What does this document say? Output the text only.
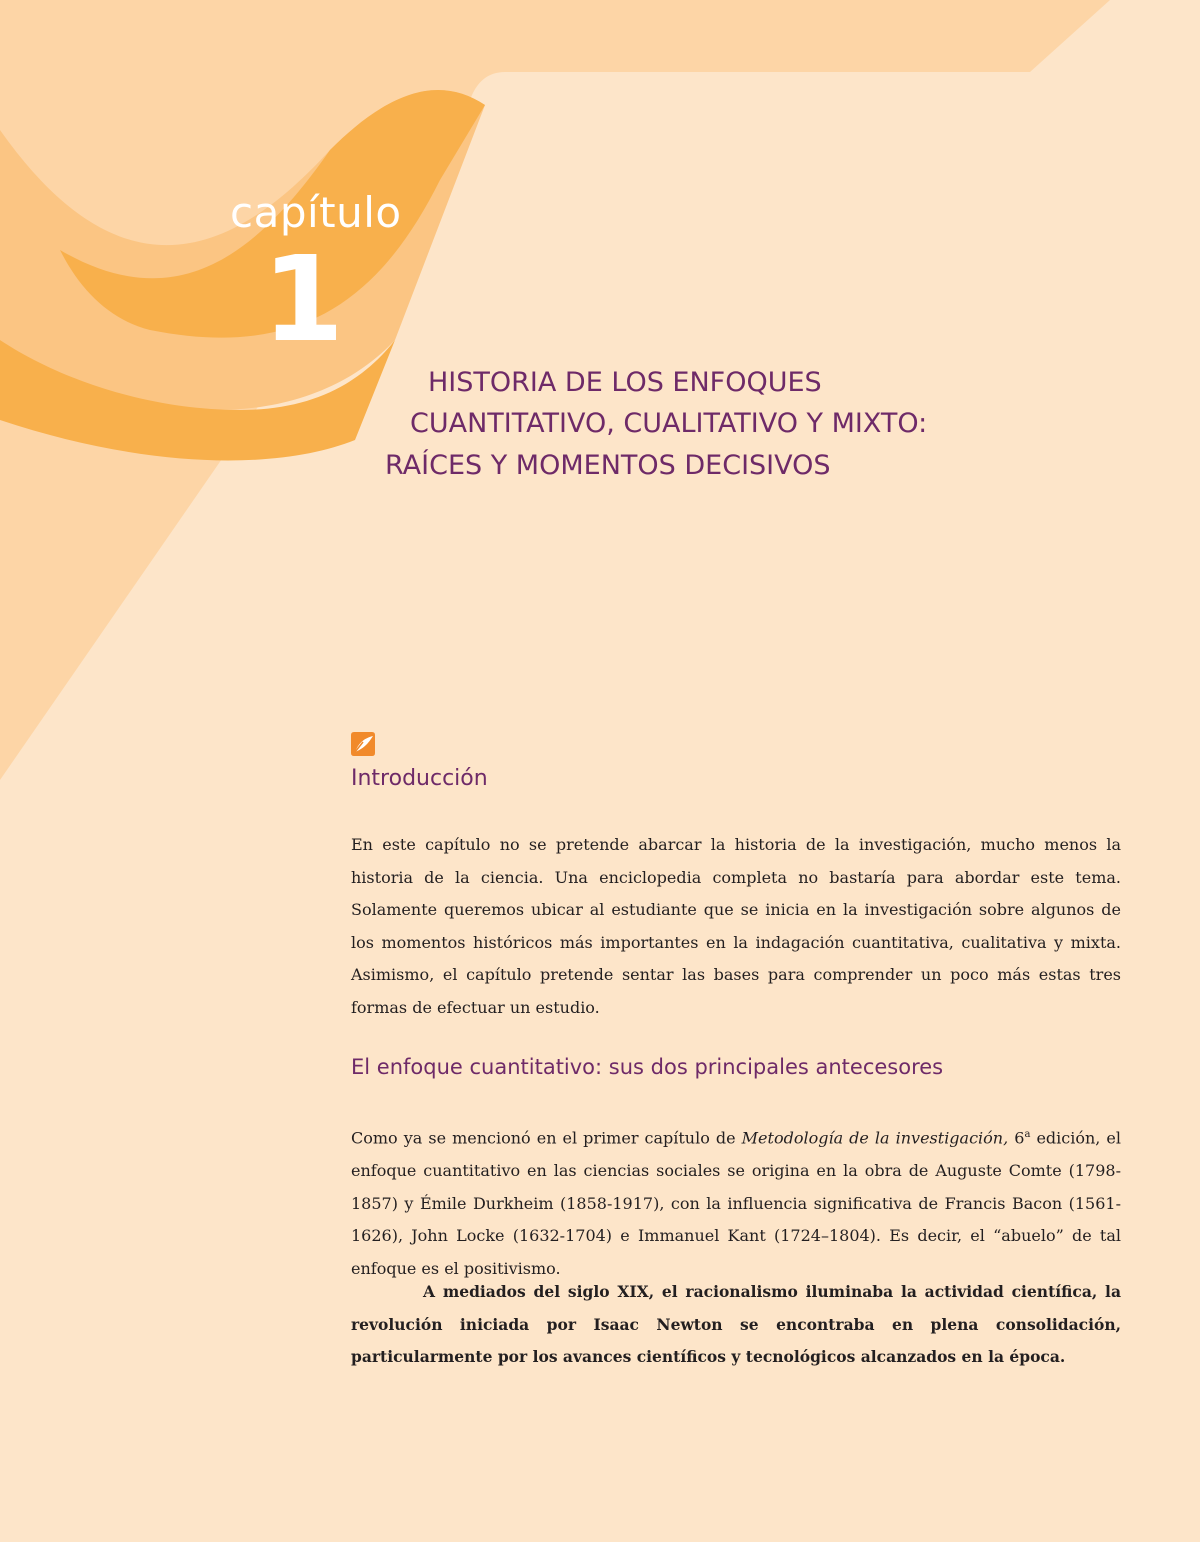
capítulo
1
HISTORIA DE LOS ENFOQUES
CUANTITATIVO, CUALITATIVO Y MIXTO:
RAÍCES Y MOMENTOS DECISIVOS
Introducción

En este capítulo no se pretende abarcar la historia de la investigación, mucho menos la historia de la ciencia. Una enciclopedia completa no bastaría para abordar este tema. Solamente queremos ubicar al estudiante que se inicia en la investigación sobre algunos de los momentos históricos más importantes en la indagación cuantitativa, cualitativa y mixta. Asimismo, el capítulo pretende sentar las bases para comprender un poco más estas tres formas de efectuar un estudio.

El enfoque cuantitativo: sus dos principales antecesores

Como ya se mencionó en el primer capítulo de Metodología de la investigación, 6$^a$ edición, el enfoque cuantitativo en las ciencias sociales se origina en la obra de Auguste Comte (1798-1857) y Émile Durkheim (1858-1917), con la influencia significativa de Francis Bacon (1561-1626), John Locke (1632-1704) e Immanuel Kant (1724–1804). Es decir, el “abuelo” de tal enfoque es el positivismo.

A mediados del siglo XIX, el racionalismo iluminaba la actividad científica, la revolución iniciada por Isaac Newton se encontraba en plena consolidación, particularmente por los avances científicos y tecnológicos alcanzados en la época.
